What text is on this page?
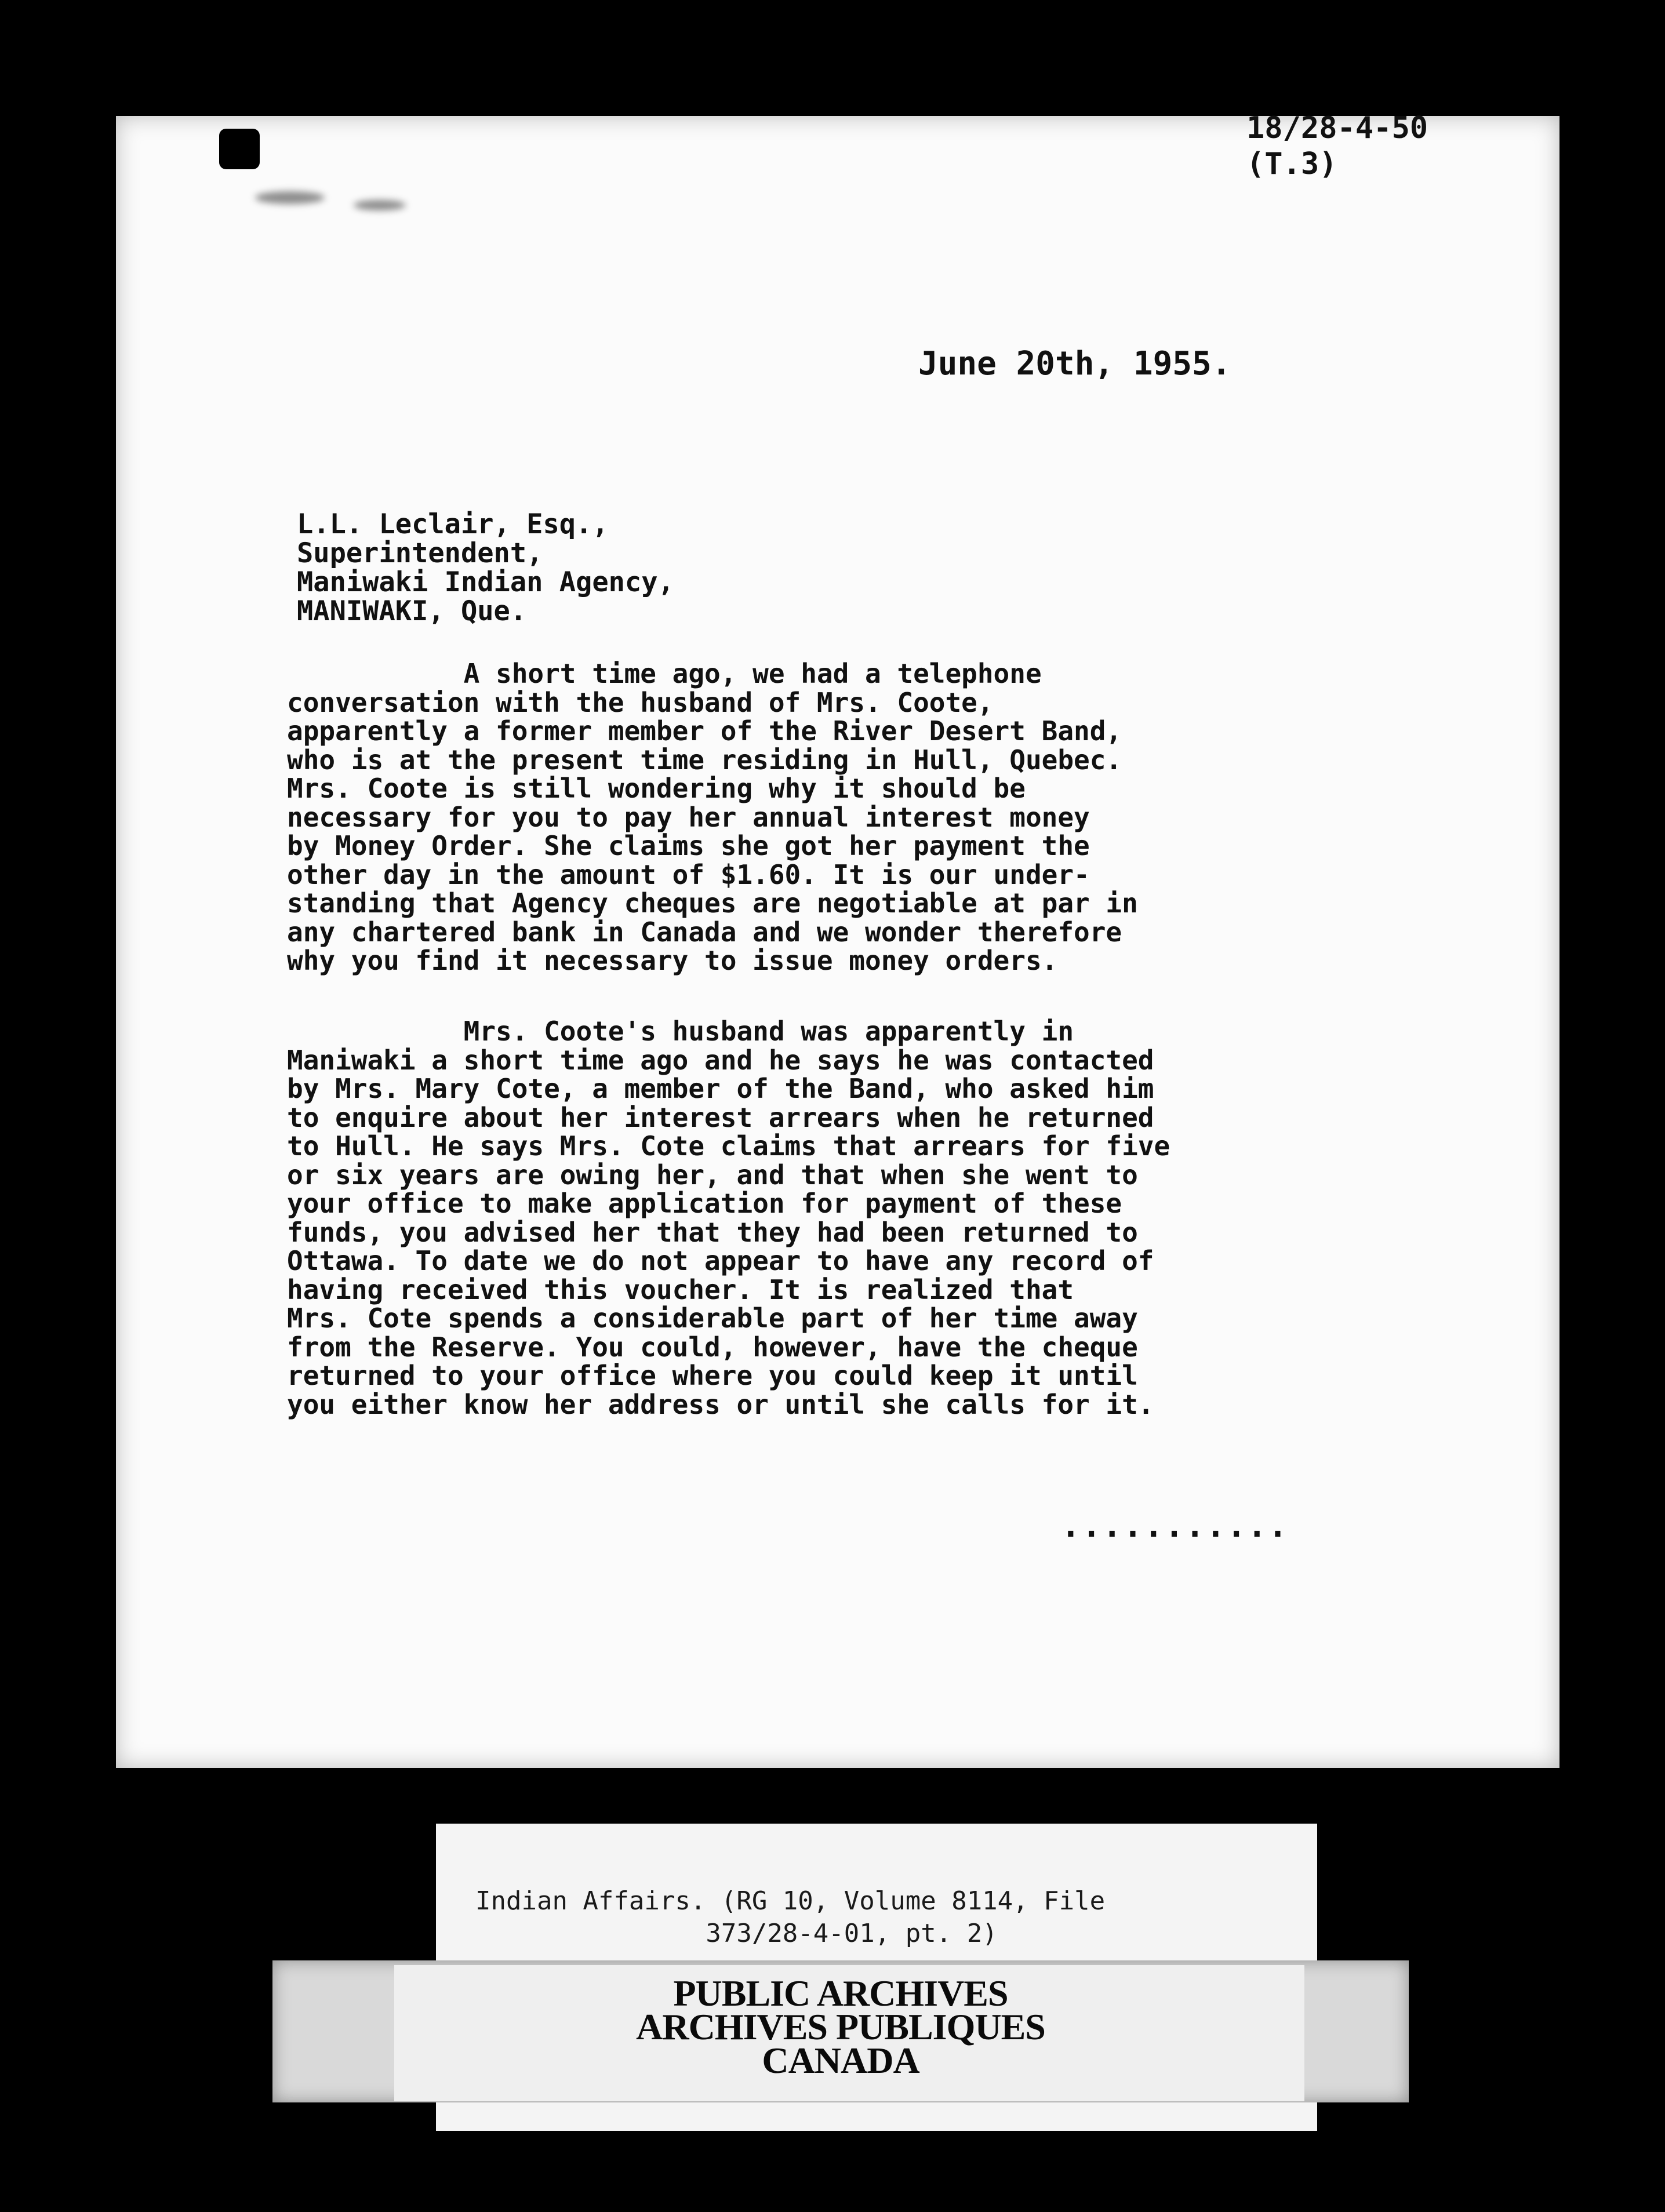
18/28-4-50
(T.3)
June 20th, 1955.
L.L. Leclair, Esq.,
Superintendent,
Maniwaki Indian Agency,
MANIWAKI, Que.
A short time ago, we had a telephone
conversation with the husband of Mrs. Coote,
apparently a former member of the River Desert Band,
who is at the present time residing in Hull, Quebec.
Mrs. Coote is still wondering why it should be
necessary for you to pay her annual interest money
by Money Order. She claims she got her payment the
other day in the amount of $1.60. It is our under-
standing that Agency cheques are negotiable at par in
any chartered bank in Canada and we wonder therefore
why you find it necessary to issue money orders.
Mrs. Coote's husband was apparently in
Maniwaki a short time ago and he says he was contacted
by Mrs. Mary Cote, a member of the Band, who asked him
to enquire about her interest arrears when he returned
to Hull. He says Mrs. Cote claims that arrears for five
or six years are owing her, and that when she went to
your office to make application for payment of these
funds, you advised her that they had been returned to
Ottawa. To date we do not appear to have any record of
having received this voucher. It is realized that
Mrs. Cote spends a considerable part of her time away
from the Reserve. You could, however, have the cheque
returned to your office where you could keep it until
you either know her address or until she calls for it.
...........
Indian Affairs. (RG 10, Volume 8114, File
373/28-4-01, pt. 2)
PUBLIC ARCHIVES
ARCHIVES PUBLIQUES
CANADA
